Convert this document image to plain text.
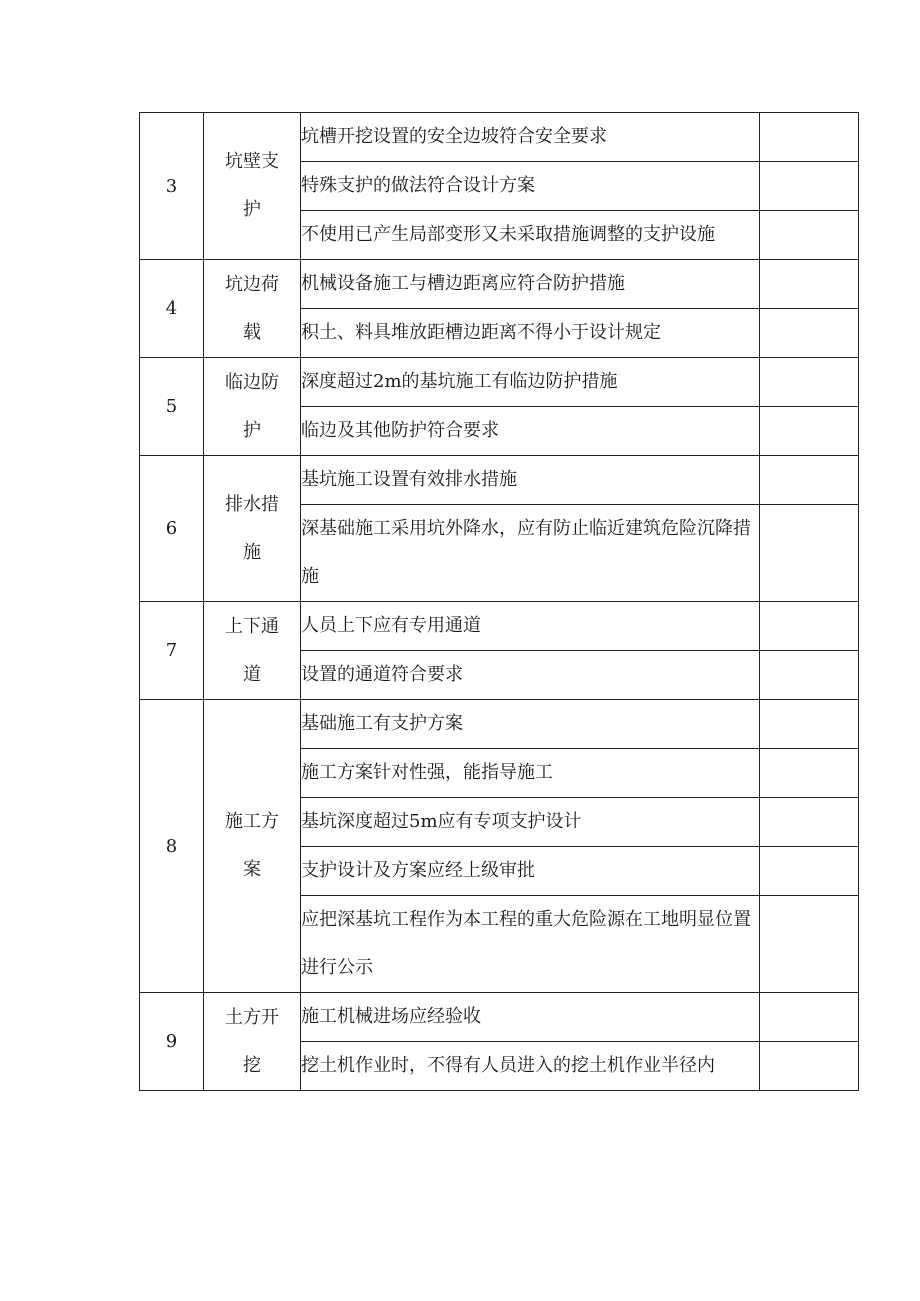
3	坑壁支护	坑槽开挖设置的安全边坡符合安全要求	
		特殊支护的做法符合设计方案	
		不使用已产生局部变形又未采取措施调整的支护设施	
4	坑边荷载	机械设备施工与槽边距离应符合防护措施	
		积土、料具堆放距槽边距离不得小于设计规定	
5	临边防护	深度超过2m的基坑施工有临边防护措施	
		临边及其他防护符合要求	
6	排水措施	基坑施工设置有效排水措施	
		深基础施工采用坑外降水，应有防止临近建筑危险沉降措施	
7	上下通道	人员上下应有专用通道	
		设置的通道符合要求	
8	施工方案	基础施工有支护方案	
		施工方案针对性强，能指导施工	
		基坑深度超过5m应有专项支护设计	
		支护设计及方案应经上级审批	
		应把深基坑工程作为本工程的重大危险源在工地明显位置进行公示	
9	土方开挖	施工机械进场应经验收	
		挖土机作业时，不得有人员进入的挖土机作业半径内	
